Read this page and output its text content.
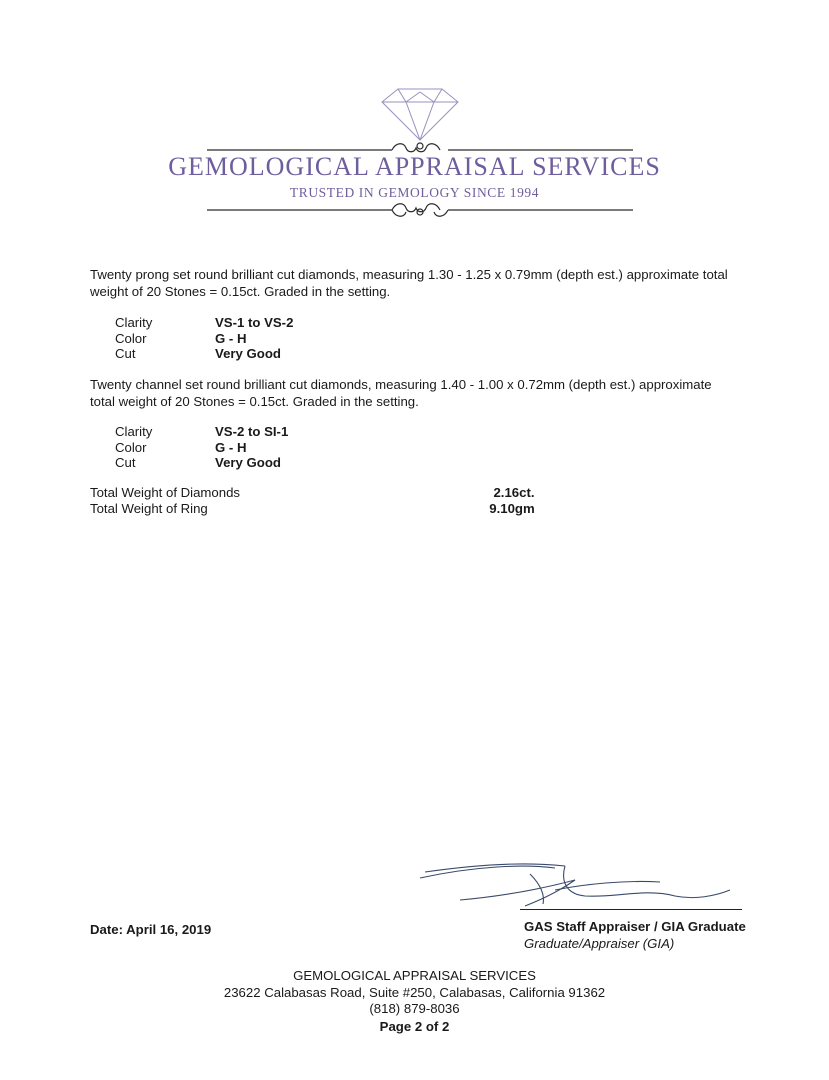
GEMOLOGICAL APPRAISAL SERVICES
TRUSTED IN GEMOLOGY SINCE 1994
Twenty prong set round brilliant cut diamonds, measuring 1.30 - 1.25 x 0.79mm (depth est.) approximate total weight of 20 Stones = 0.15ct. Graded in the setting.
Clarity	VS-1 to VS-2
Color	G - H
Cut	Very Good
Twenty channel set round brilliant cut diamonds, measuring 1.40 - 1.00 x 0.72mm (depth est.) approximate total weight of 20 Stones = 0.15ct. Graded in the setting.
Clarity	VS-2 to SI-1
Color	G - H
Cut	Very Good
Total Weight of Diamonds	2.16ct.
Total Weight of Ring	9.10gm
Date: April 16, 2019	GAS Staff Appraiser / GIA Graduate
Graduate/Appraiser (GIA)
GEMOLOGICAL APPRAISAL SERVICES
23622 Calabasas Road, Suite #250, Calabasas, California 91362
(818) 879-8036
Page 2 of 2
